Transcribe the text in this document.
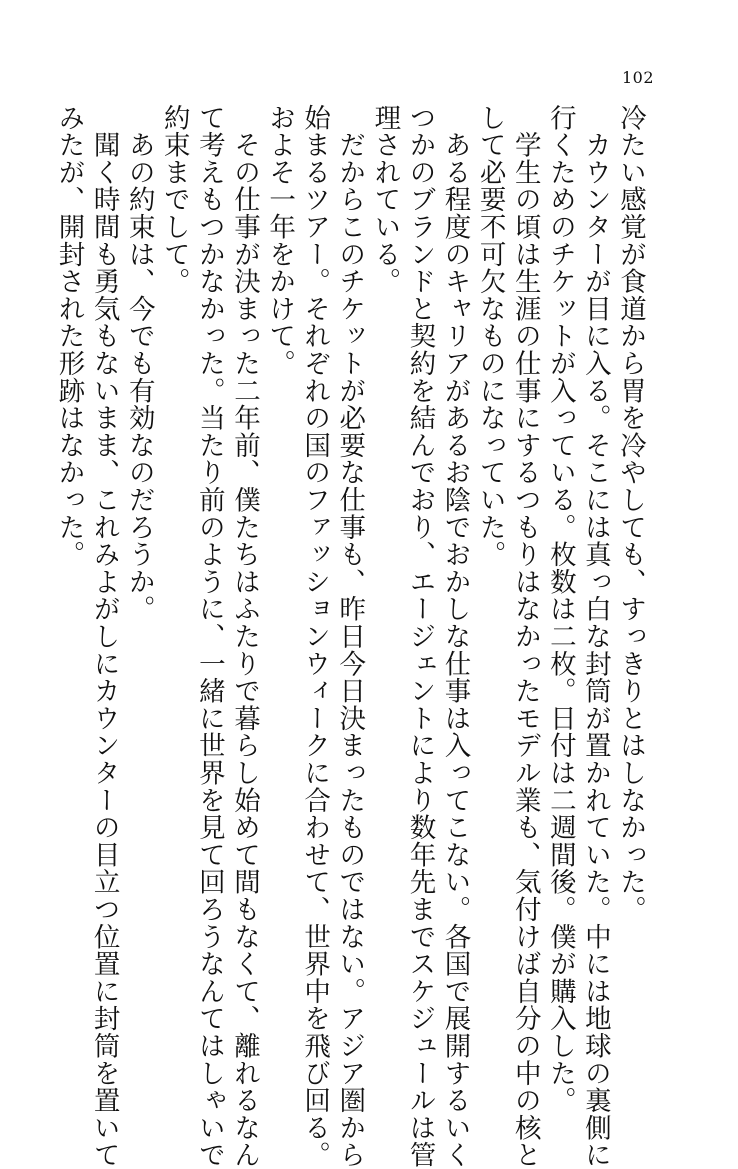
102

冷たい感覚が食道から胃を冷やしても、すっきりとはしなかった。

　カウンターが目に入る。そこには真っ白な封筒が置かれていた。中には地球の裏側に

行くためのチケットが入っている。枚数は二枚。日付は二週間後。僕が購入した。

　学生の頃は生涯の仕事にするつもりはなかったモデル業も、気付けば自分の中の核と

して必要不可欠なものになっていた。

　ある程度のキャリアがあるお陰でおかしな仕事は入ってこない。各国で展開するいく

つかのブランドと契約を結んでおり、エージェントにより数年先までスケジュールは管

理されている。

　だからこのチケットが必要な仕事も、昨日今日決まったものではない。アジア圏から

始まるツアー。それぞれの国のファッションウィークに合わせて、世界中を飛び回る。

およそ一年をかけて。

　その仕事が決まった二年前、僕たちはふたりで暮らし始めて間もなくて、離れるなん

て考えもつかなかった。当たり前のように、一緒に世界を見て回ろうなんてはしゃいで

約束までして。

　あの約束は、今でも有効なのだろうか。

　聞く時間も勇気もないまま、これみよがしにカウンターの目立つ位置に封筒を置いて

みたが、開封された形跡はなかった。
